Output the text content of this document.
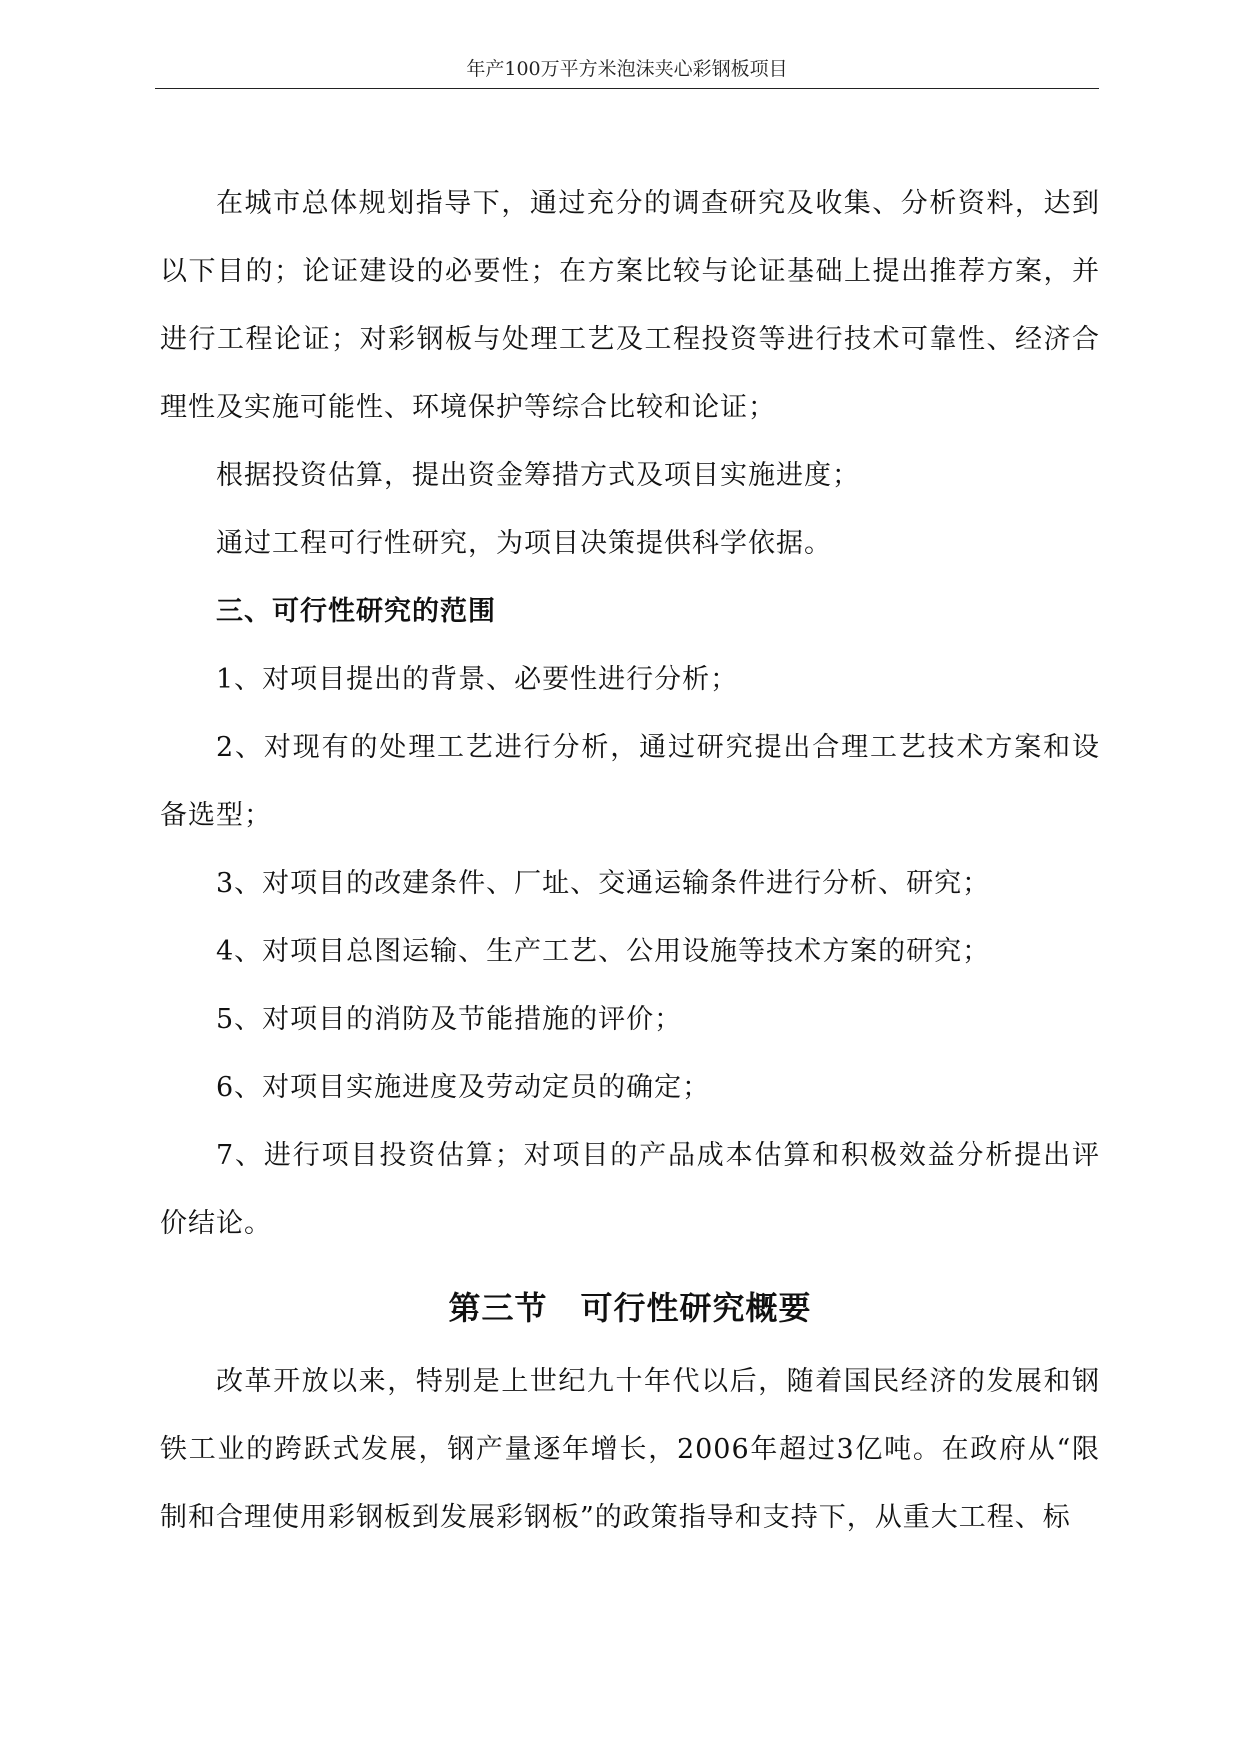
年产100万平方米泡沫夹心彩钢板项目

在城市总体规划指导下，通过充分的调查研究及收集、分析资料，达到以下目的；论证建设的必要性；在方案比较与论证基础上提出推荐方案，并进行工程论证；对彩钢板与处理工艺及工程投资等进行技术可靠性、经济合理性及实施可能性、环境保护等综合比较和论证；

根据投资估算，提出资金筹措方式及项目实施进度；

通过工程可行性研究，为项目决策提供科学依据。

三、可行性研究的范围

1、对项目提出的背景、必要性进行分析；

2、对现有的处理工艺进行分析，通过研究提出合理工艺技术方案和设备选型；

3、对项目的改建条件、厂址、交通运输条件进行分析、研究；

4、对项目总图运输、生产工艺、公用设施等技术方案的研究；

5、对项目的消防及节能措施的评价；

6、对项目实施进度及劳动定员的确定；

7、进行项目投资估算；对项目的产品成本估算和积极效益分析提出评价结论。

第三节　可行性研究概要

改革开放以来，特别是上世纪九十年代以后，随着国民经济的发展和钢铁工业的跨跃式发展，钢产量逐年增长，2006年超过3亿吨。在政府从“限制和合理使用彩钢板到发展彩钢板”的政策指导和支持下，从重大工程、标
